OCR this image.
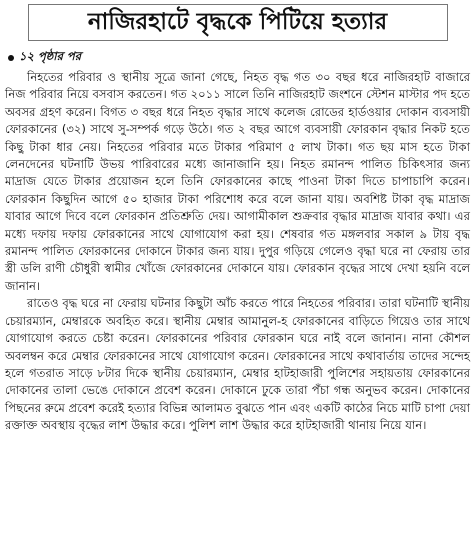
নাজিরহাটে বৃদ্ধকে পিটিয়ে হত্যার
১২ পৃষ্ঠার পর

নিহতের পরিবার ও স্থানীয় সূত্রে জানা গেছে, নিহত বৃদ্ধ গত ৩০ বছর ধরে নাজিরহাট বাজারে নিজ পরিবার নিয়ে বসবাস করতেন। গত ২০১১ সালে তিনি নাজিরহাট জংশনে স্টেশন মাস্টার পদ হতে অবসর গ্রহণ করেন। বিগত ৩ বছর ধরে নিহত বৃদ্ধার সাথে কলেজ রোডের হার্ডওয়ার দোকান ব্যবসায়ী ফোরকানের (৩২) সাথে সু-সম্পর্ক গড়ে উঠে। গত ২ বছর আগে ব্যবসায়ী ফোরকান বৃদ্ধার নিকট হতে কিছু টাকা ধার নেয়। নিহতের পরিবার মতে টাকার পরিমাণ ৫ লাখ টাকা। গত ছয় মাস হতে টাকা লেনদেনের ঘটনাটি উভয় পারিবারের মধ্যে জানাজানি হয়। নিহত রমানন্দ পালিত চিকিৎসার জন্য মাদ্রাজ যেতে টাকার প্রয়োজন হলে তিনি ফোরকানের কাছে পাওনা টাকা দিতে চাপাচাপি করেন। ফোরকান কিছুদিন আগে ৫০ হাজার টাকা পরিশোধ করে বলে জানা যায়। অবশিষ্ট টাকা বৃদ্ধ মাদ্রাজ যাবার আগে দিবে বলে ফোরকান প্রতিশ্রুতি দেয়। আগামীকাল শুক্রবার বৃদ্ধার মাদ্রাজ যাবার কথা। এর মধ্যে দফায় দফায় ফোরকানের সাথে যোগাযোগ করা হয়। শেষবার গত মঙ্গলবার সকাল ৯ টায় বৃদ্ধ রমানন্দ পালিত ফোরকানের দোকানে টাকার জন্য যায়। দুপুর গড়িয়ে গেলেও বৃদ্ধা ঘরে না ফেরায় তার স্ত্রী ডলি রাণী চৌধুরী স্বামীর খোঁজে ফোরকানের দোকানে যায়। ফোরকান বৃদ্ধের সাথে দেখা হয়নি বলে জানান।

রাতেও বৃদ্ধ ঘরে না ফেরায় ঘটনার কিছুটা আঁচ করতে পারে নিহতের পরিবার। তারা ঘটনাটি স্থানীয় চেয়ারম্যান, মেম্বারকে অবহিত করে। স্থানীয় মেম্বার আমানুল-হ ফোরকানের বাড়িতে গিয়েও তার সাথে যোগাযোগ করতে চেষ্টা করেন। ফোরকানের পরিবার ফোরকান ঘরে নাই বলে জানান। নানা কৌশল অবলম্বন করে মেম্বার ফোরকানের সাথে যোগাযোগ করেন। ফোরকানের সাথে কথাবার্তায় তাদের সন্দেহ হলে গতরাত সাড়ে ৮টার দিকে স্থানীয় চেয়ারম্যান, মেম্বার হাটহাজারী পুলিশের সহায়তায় ফোরকানের দোকানের তালা ভেঙে দোকানে প্রবেশ করেন। দোকানে ঢুকে তারা পঁচা গন্ধ অনুভব করেন। দোকানের পিছনের রুমে প্রবেশ করেই হত্যার বিভিন্ন আলামত বুঝতে পান এবং একটি কাঠের নিচে মাটি চাপা দেয়া রক্তাক্ত অবস্থায় বৃদ্ধের লাশ উদ্ধার করে। পুলিশ লাশ উদ্ধার করে হাটহাজারী থানায় নিয়ে যান।
